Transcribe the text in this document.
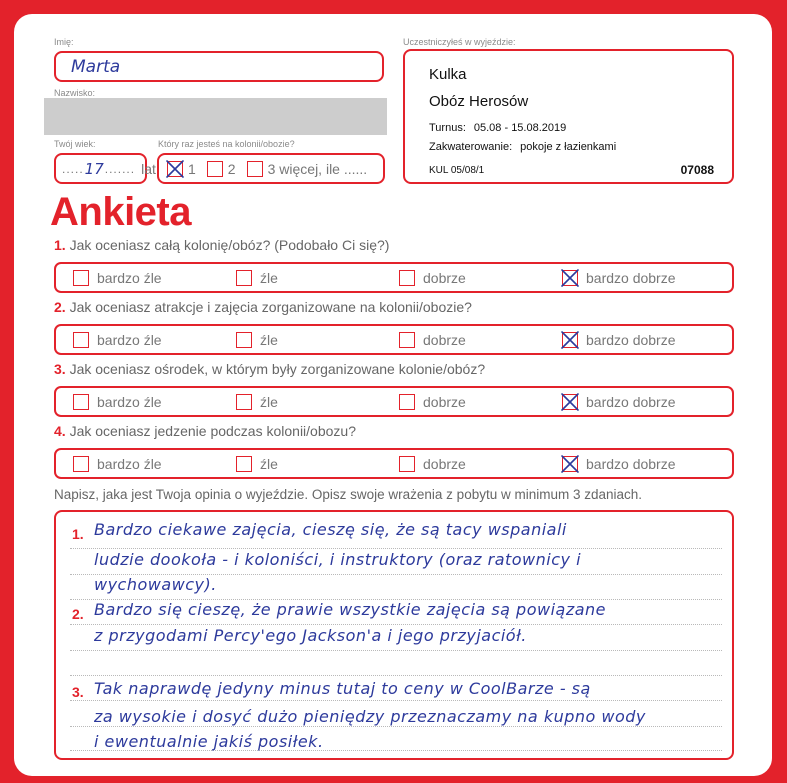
Imię:
Marta
Nazwisko:
Twój wiek:
..... 17 ....... lat
Który raz jesteś na kolonii/obozie?
1 2 3 więcej, ile ......
Uczestniczyłeś w wyjeździe:
Kulka
Obóz Herosów
Turnus: 05.08 - 15.08.2019
Zakwaterowanie: pokoje z łazienkami
KUL 05/08/1	07088
Ankieta
1. Jak oceniasz całą kolonię/obóz? (Podobało Ci się?)
bardzo źle	źle	dobrze	bardzo dobrze
2. Jak oceniasz atrakcje i zajęcia zorganizowane na kolonii/obozie?
bardzo źle	źle	dobrze	bardzo dobrze
3. Jak oceniasz ośrodek, w którym były zorganizowane kolonie/obóz?
bardzo źle	źle	dobrze	bardzo dobrze
4. Jak oceniasz jedzenie podczas kolonii/obozu?
bardzo źle	źle	dobrze	bardzo dobrze
Napisz, jaka jest Twoja opinia o wyjeździe. Opisz swoje wrażenia z pobytu w minimum 3 zdaniach.
1. Bardzo ciekawe zajęcia, cieszę się, że są tacy wspaniali
ludzie dookoła - i koloniści, i instruktory (oraz ratownicy i
wychowawcy).
2. Bardzo się cieszę, że prawie wszystkie zajęcia są powiązane
z przygodami Percy'ego Jackson'a i jego przyjaciół.
3. Tak naprawdę jedyny minus tutaj to ceny w CoolBarze - są
za wysokie i dosyć dużo pieniędzy przeznaczamy na kupno wody
i ewentualnie jakiś posiłek.
